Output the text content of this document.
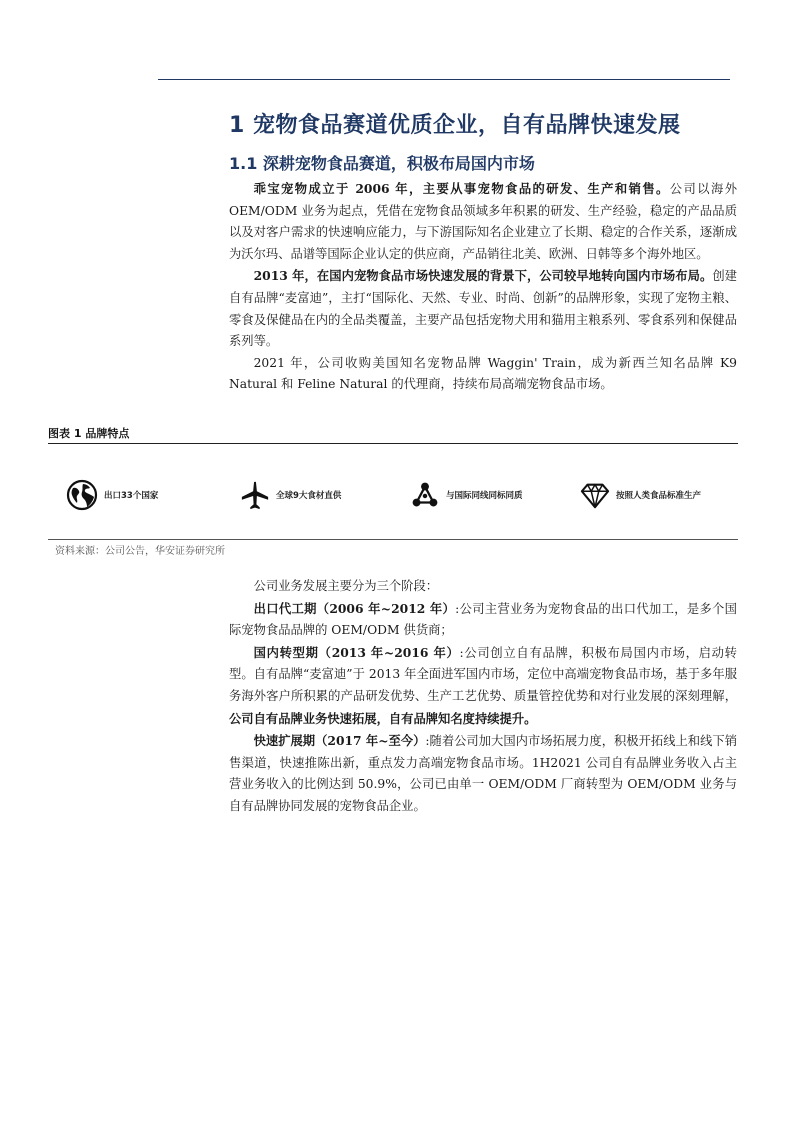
1 宠物食品赛道优质企业，自有品牌快速发展
1.1 深耕宠物食品赛道，积极布局国内市场

乖宝宠物成立于 2006 年，主要从事宠物食品的研发、生产和销售。公司以海外 OEM/ODM 业务为起点，凭借在宠物食品领域多年积累的研发、生产经验，稳定的产品品质以及对客户需求的快速响应能力，与下游国际知名企业建立了长期、稳定的合作关系，逐渐成为沃尔玛、品谱等国际企业认定的供应商，产品销往北美、欧洲、日韩等多个海外地区。

2013 年，在国内宠物食品市场快速发展的背景下，公司较早地转向国内市场布局。创建自有品牌“麦富迪”，主打“国际化、天然、专业、时尚、创新”的品牌形象，实现了宠物主粮、零食及保健品在内的全品类覆盖，主要产品包括宠物犬用和猫用主粮系列、零食系列和保健品系列等。

2021 年，公司收购美国知名宠物品牌 Waggin' Train，成为新西兰知名品牌 K9 Natural 和 Feline Natural 的代理商，持续布局高端宠物食品市场。

图表 1 品牌特点
出口33个国家	全球9大食材直供	与国际同线同标同质	按照人类食品标准生产
资料来源：公司公告，华安证券研究所

公司业务发展主要分为三个阶段：

出口代工期（2006 年~2012 年）:公司主营业务为宠物食品的出口代加工，是多个国际宠物食品品牌的 OEM/ODM 供货商；

国内转型期（2013 年~2016 年）:公司创立自有品牌，积极布局国内市场，启动转型。自有品牌“麦富迪”于 2013 年全面进军国内市场，定位中高端宠物食品市场，基于多年服务海外客户所积累的产品研发优势、生产工艺优势、质量管控优势和对行业发展的深刻理解，公司自有品牌业务快速拓展，自有品牌知名度持续提升。

快速扩展期（2017 年~至今）:随着公司加大国内市场拓展力度，积极开拓线上和线下销售渠道，快速推陈出新，重点发力高端宠物食品市场。1H2021 公司自有品牌业务收入占主营业务收入的比例达到 50.9%，公司已由单一 OEM/ODM 厂商转型为 OEM/ODM 业务与自有品牌协同发展的宠物食品企业。
